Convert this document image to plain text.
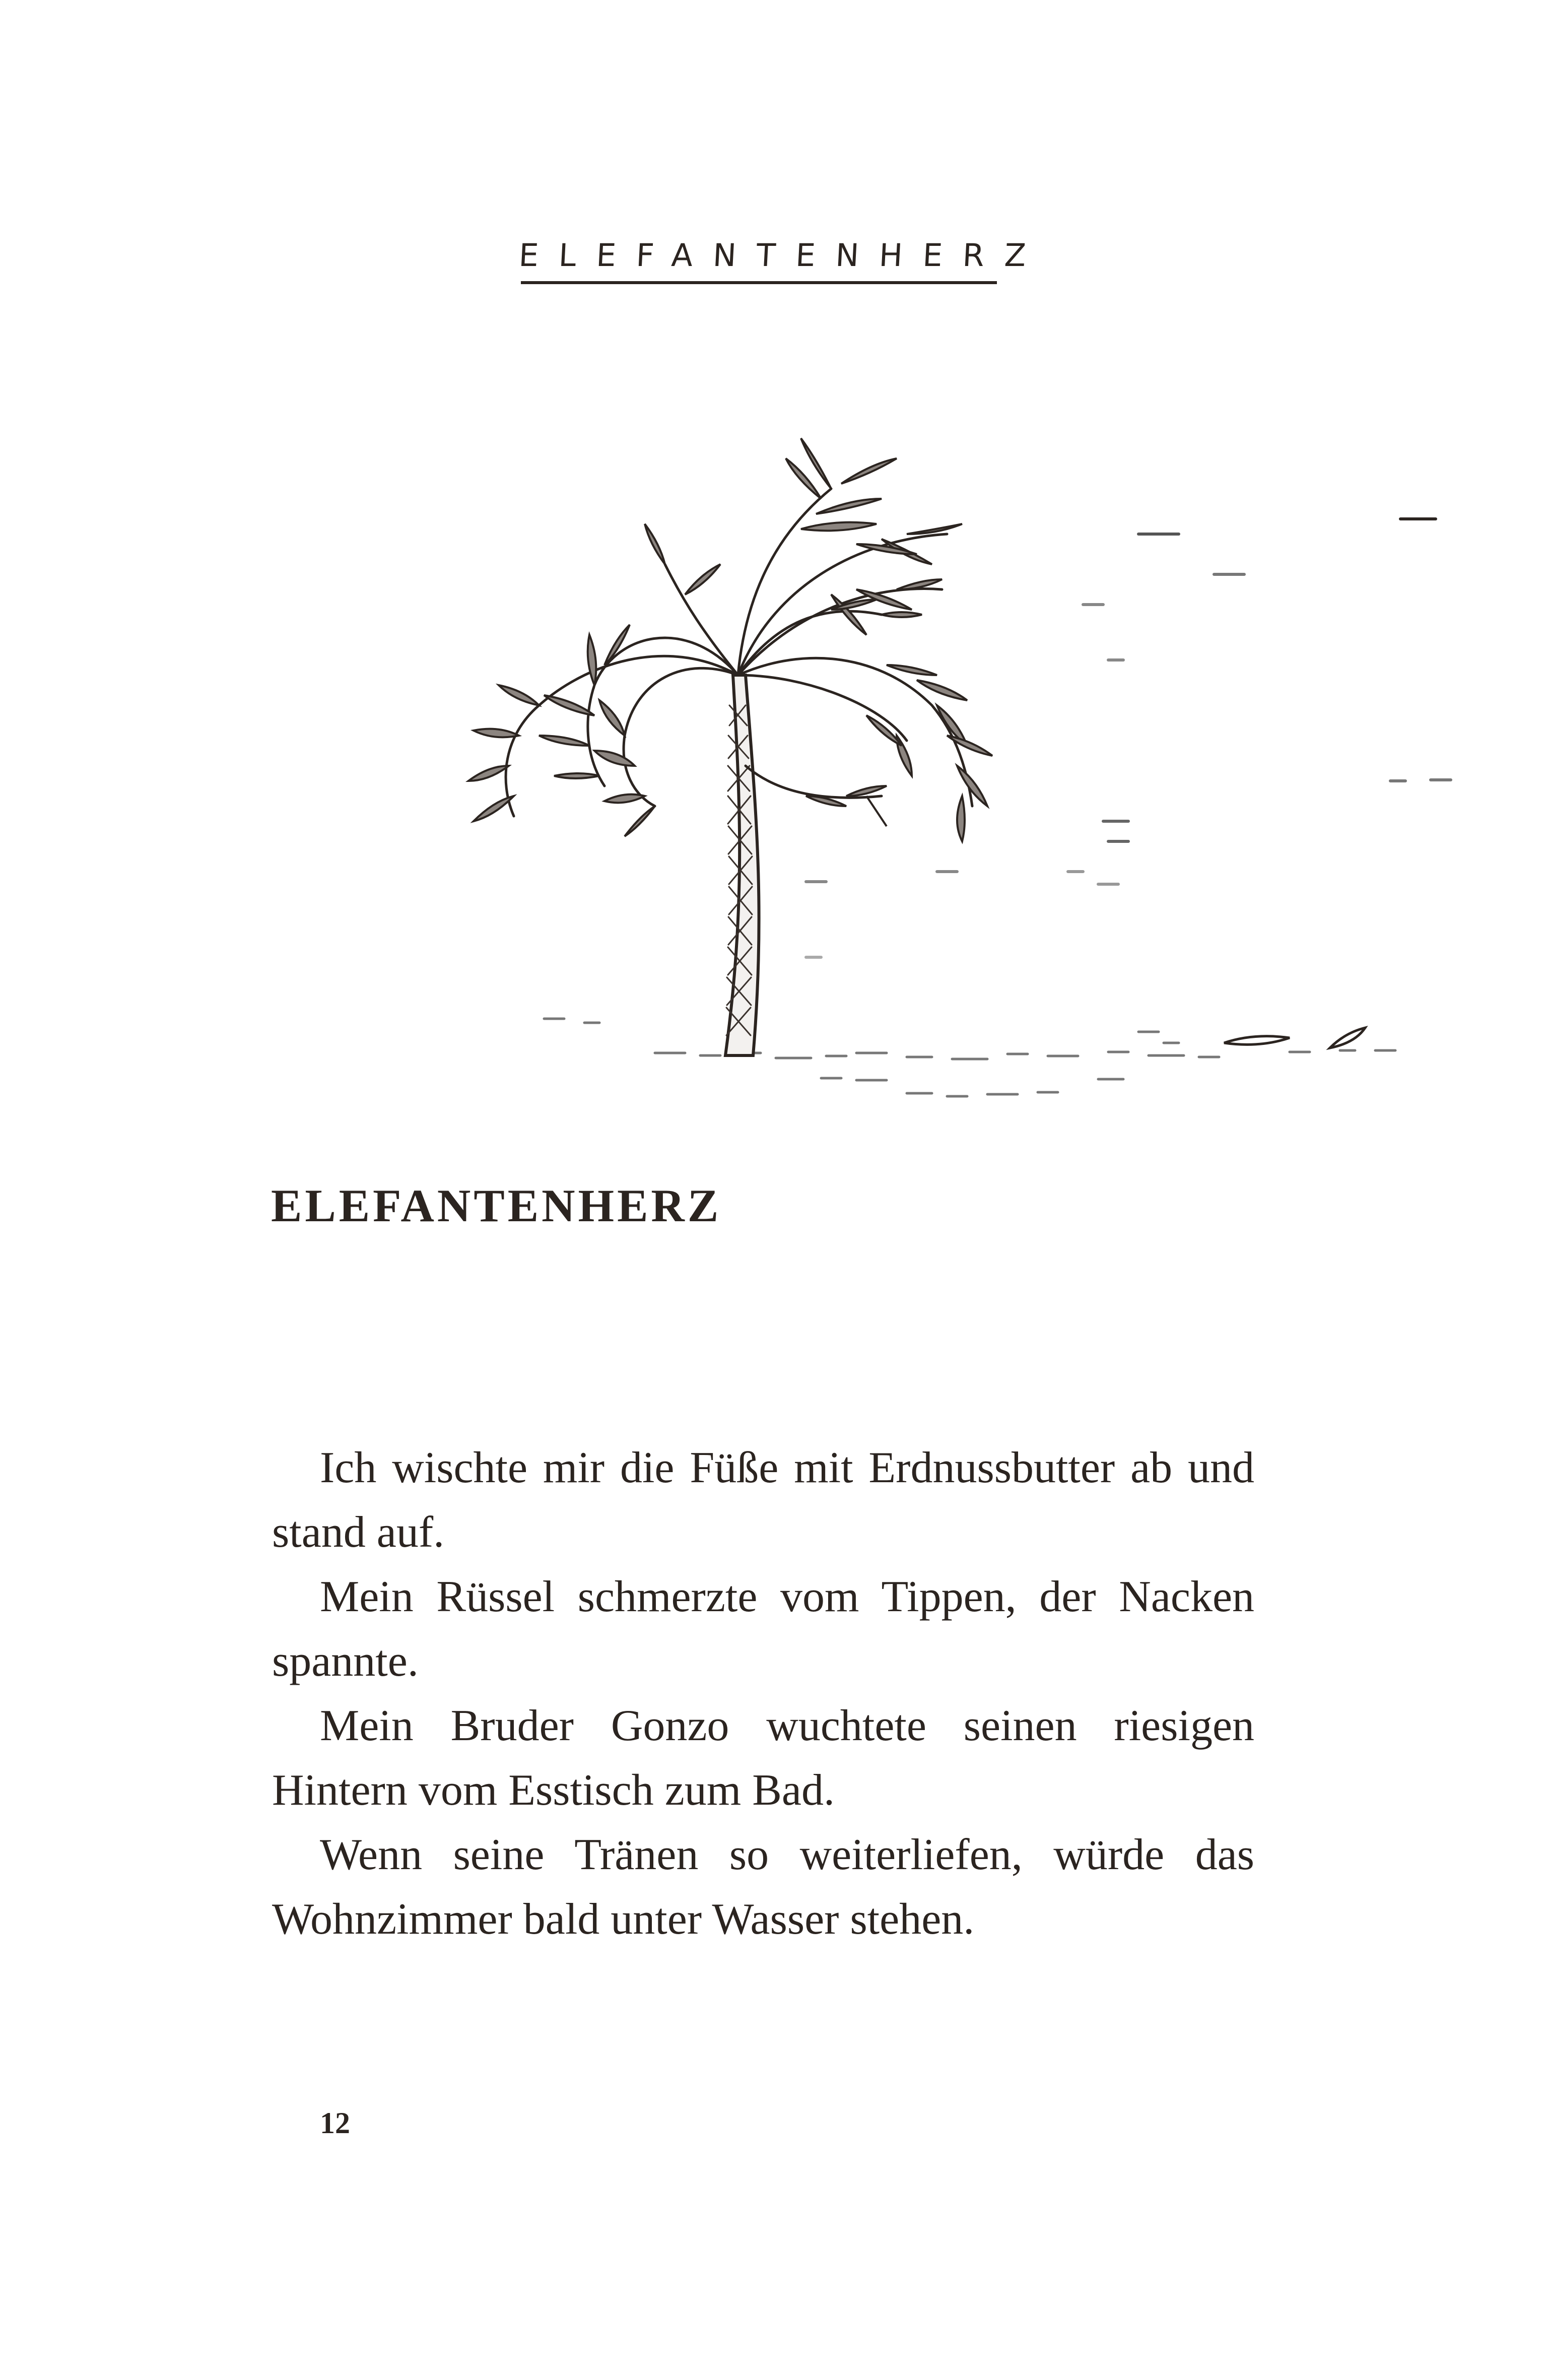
ELEFANTENHERZ
ELEFANTENHERZ

Ich wischte mir die Füße mit Erdnussbutter ab und stand auf.

Mein Rüssel schmerzte vom Tippen, der Nacken spannte.

Mein Bruder Gonzo wuchtete seinen riesigen Hintern vom Esstisch zum Bad.

Wenn seine Tränen so weiterliefen, würde das Wohnzimmer bald unter Wasser stehen.

12
